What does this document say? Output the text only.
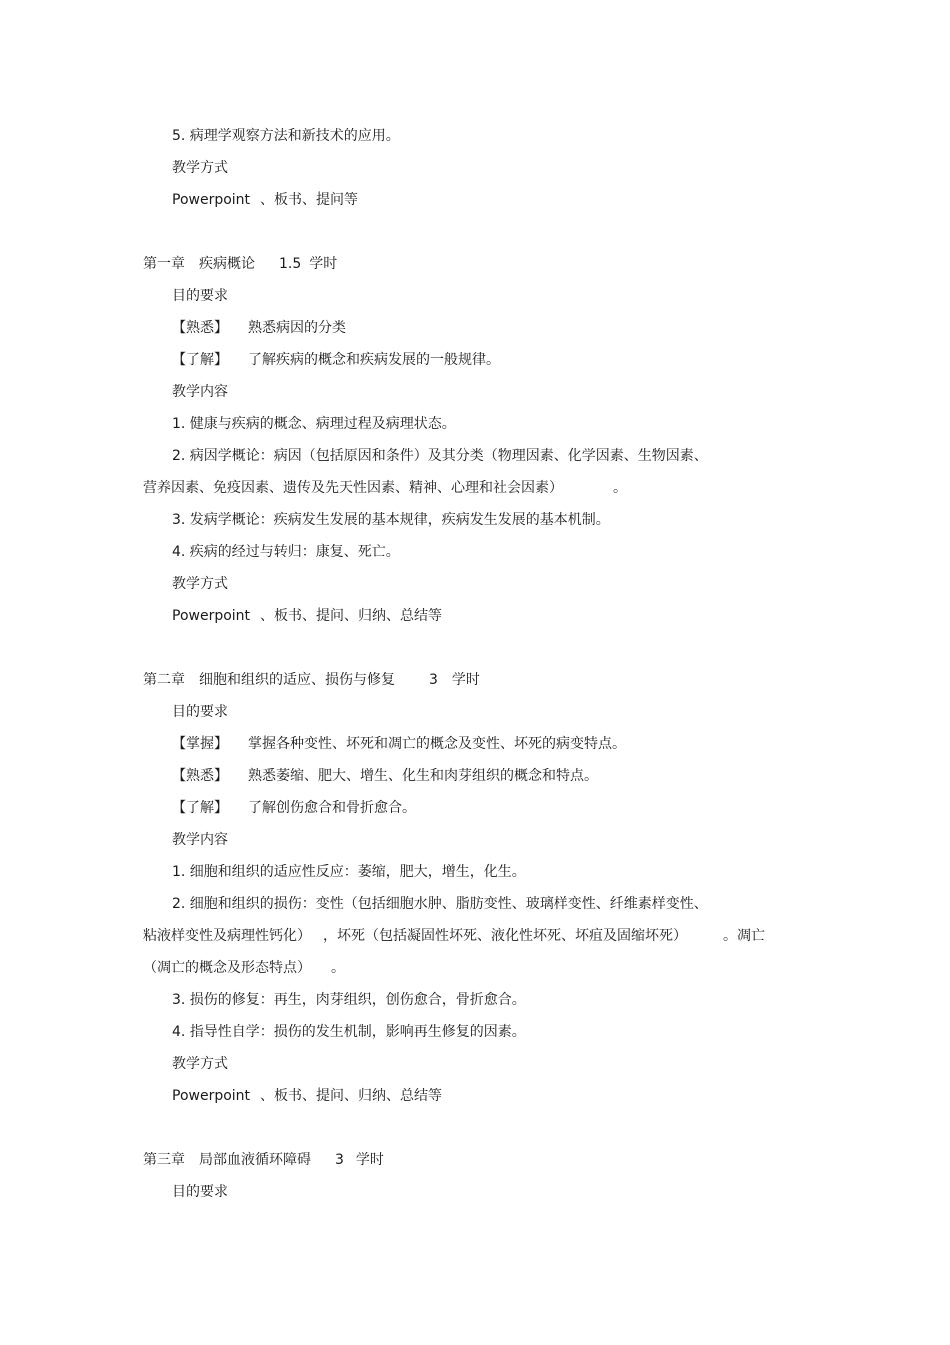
5. 病理学观察方法和新技术的应用。
教学方式
Powerpoint 、板书、提问等
第一章 疾病概论 1.5 学时
目的要求
【熟悉】 熟悉病因的分类
【了解】 了解疾病的概念和疾病发展的一般规律。
教学内容
1. 健康与疾病的概念、病理过程及病理状态。
2. 病因学概论：病因（包括原因和条件）及其分类（物理因素、化学因素、生物因素、
营养因素、免疫因素、遗传及先天性因素、精神、心理和社会因素）	。
3. 发病学概论：疾病发生发展的基本规律，疾病发生发展的基本机制。
4. 疾病的经过与转归：康复、死亡。
教学方式
Powerpoint 、板书、提问、归纳、总结等
第二章 细胞和组织的适应、损伤与修复 3 学时
目的要求
【掌握】 掌握各种变性、坏死和凋亡的概念及变性、坏死的病变特点。
【熟悉】 熟悉萎缩、肥大、增生、化生和肉芽组织的概念和特点。
【了解】 了解创伤愈合和骨折愈合。
教学内容
1. 细胞和组织的适应性反应：萎缩，肥大，增生，化生。
2. 细胞和组织的损伤：变性（包括细胞水肿、脂肪变性、玻璃样变性、纤维素样变性、
粘液样变性及病理性钙化） ，坏死（包括凝固性坏死、液化性坏死、坏疽及固缩坏死）	。凋亡
（凋亡的概念及形态特点） 。
3. 损伤的修复：再生，肉芽组织，创伤愈合，骨折愈合。
4. 指导性自学：损伤的发生机制，影响再生修复的因素。
教学方式
Powerpoint 、板书、提问、归纳、总结等
第三章 局部血液循环障碍 3 学时
目的要求
